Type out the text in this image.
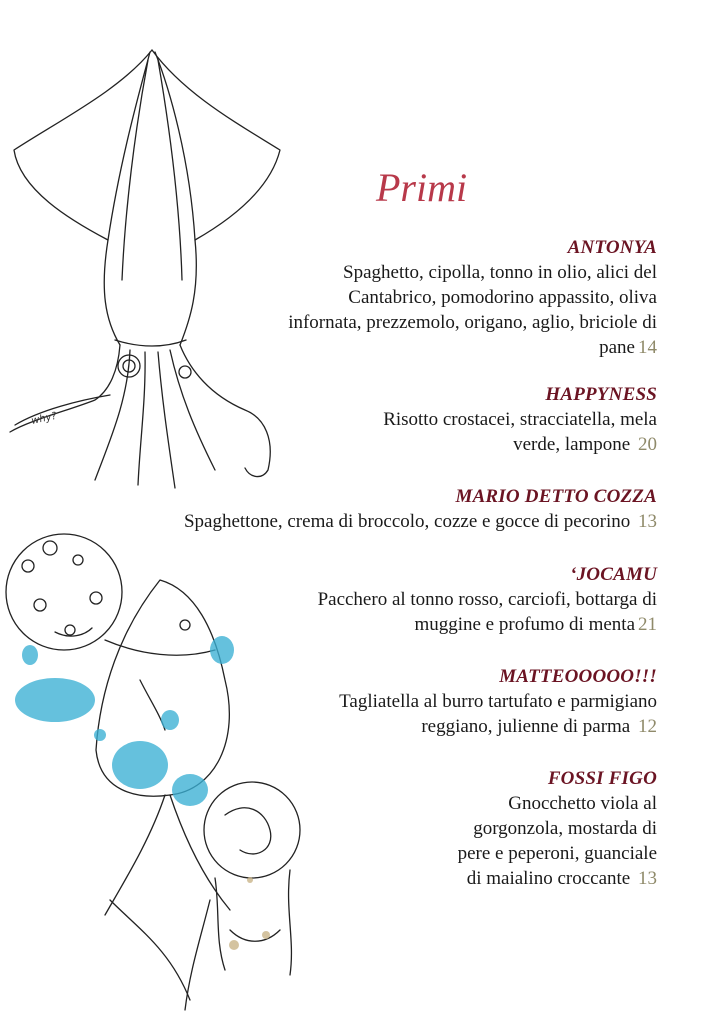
why?
Primi
ANTONYA
Spaghetto, cipolla, tonno in olio, alici del
Cantabrico, pomodorino appassito, oliva
infornata, prezzemolo, origano, aglio, briciole di
pane 14
HAPPYNESS
Risotto crostacei, stracciatella, mela
verde, lampone 20
MARIO DETTO COZZA
Spaghettone, crema di broccolo, cozze e gocce di pecorino 13
‘JOCAMU
Pacchero al tonno rosso, carciofi, bottarga di
muggine e profumo di menta 21
MATTEOOOOO!!!
Tagliatella al burro tartufato e parmigiano
reggiano, julienne di parma 12
FOSSI FIGO
Gnocchetto viola al
gorgonzola, mostarda di
pere e peperoni, guanciale
di maialino croccante 13
